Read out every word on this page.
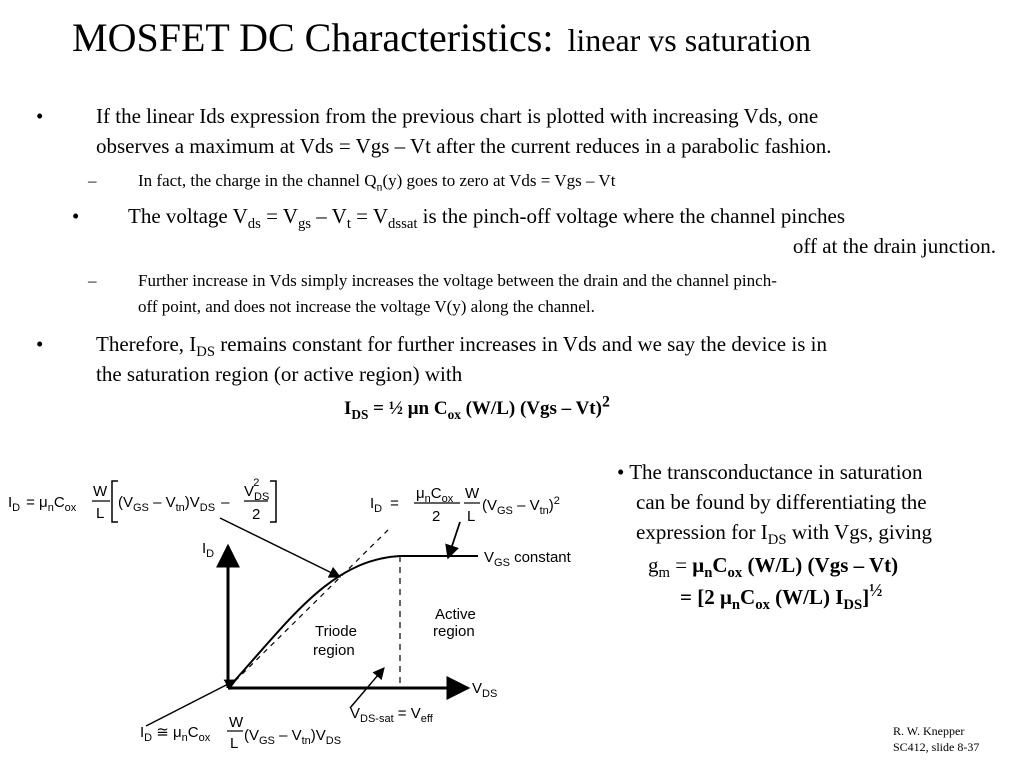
MOSFET DC Characteristics: linear vs saturation
•	If the linear Ids expression from the previous chart is plotted with increasing Vds, one
observes a maximum at Vds = Vgs – Vt after the current reduces in a parabolic fashion.
– In fact, the charge in the channel $Q_n(y)$ goes to zero at Vds = Vgs – Vt
• The voltage $V_{ds} = V_{gs} - V_t = V_{dssat}$ is the pinch-off voltage where the channel pinches
off at the drain junction.
– Further increase in Vds simply increases the voltage between the drain and the channel pinch-
off point, and does not increase the voltage V(y) along the channel.
•	Therefore, $I_{DS}$ remains constant for further increases in Vds and we say the device is in
the saturation region (or active region) with
$I_{DS}$ = ½ μn $C_{ox}$ (W/L) (Vgs – Vt)$^2$
• The transconductance in saturation
can be found by differentiating the
expression for $I_{DS}$ with Vgs, giving
$g_m = \mu_nC_{ox}$ (W/L) (Vgs – Vt)
= [2 $\mu_nC_{ox}$ (W/L) $I_{DS}]^{\frac{1}{2}}$
R. W. Knepper
SC412, slide 8-37
$I_D = \mu_nC_{ox}$
W
L
$(V_{GS} - V_{tn})V_{DS}$ –
$V_{DS}2$
2
$I_D$ =
$\mu_nC_{ox}$
2
W
L
$(V_{GS} - V_{tn})^2$
$I_D$
$V_{DS}$
$V_{GS}$ constant
Active
region
Triode
region
$V_{DS-sat} = V_{eff}$
$I_D$ ≅ $\mu_nC_{ox}$
W
L $(V_{GS} - V_{tn})V_{DS}$
